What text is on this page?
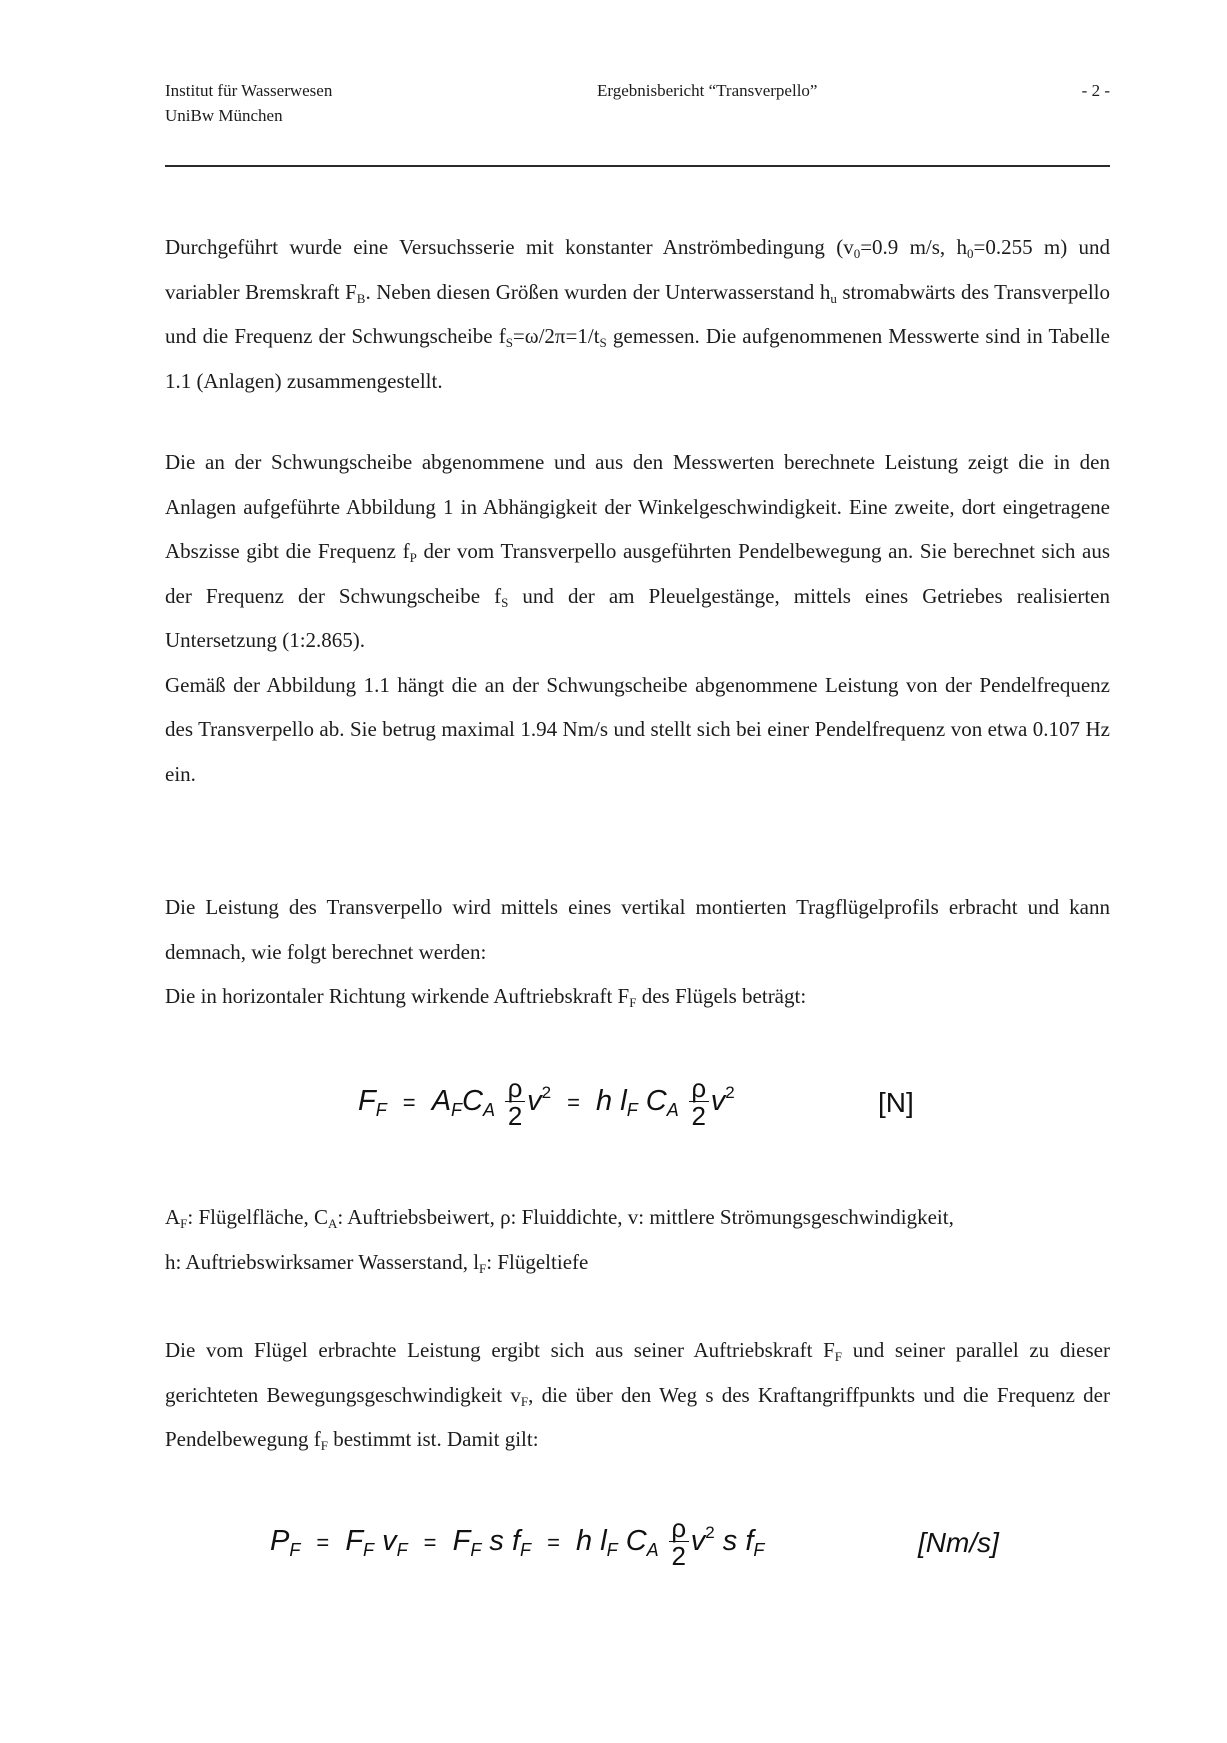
Institut für Wasserwesen
UniBw München
Ergebnisbericht “Transverpello”	- 2 -

Durchgeführt wurde eine Versuchsserie mit konstanter Anströmbedingung ($v_0=0.9$ m/s, $h_0=0.255$ m) und variabler Bremskraft $F_B$. Neben diesen Größen wurden der Unterwasserstand $h_u$ stromabwärts des Transverpello und die Frequenz der Schwungscheibe $f_S=\omega/2\pi=1/t_S$ gemessen. Die aufgenommenen Messwerte sind in Tabelle 1.1 (Anlagen) zusammengestellt.

Die an der Schwungscheibe abgenommene und aus den Messwerten berechnete Leistung zeigt die in den Anlagen aufgeführte Abbildung 1 in Abhängigkeit der Winkelgeschwindigkeit. Eine zweite, dort eingetragene Abszisse gibt die Frequenz $f_P$ der vom Transverpello ausgeführten Pendelbewegung an. Sie berechnet sich aus der Frequenz der Schwungscheibe $f_S$ und der am Pleuelgestänge, mittels eines Getriebes realisierten Untersetzung (1:2.865).
Gemäß der Abbildung 1.1 hängt die an der Schwungscheibe abgenommene Leistung von der Pendelfrequenz des Transverpello ab. Sie betrug maximal 1.94 Nm/s und stellt sich bei einer Pendelfrequenz von etwa 0.107 Hz ein.

Die Leistung des Transverpello wird mittels eines vertikal montierten Tragflügelprofils erbracht und kann demnach, wie folgt berechnet werden:
Die in horizontaler Richtung wirkende Auftriebskraft $F_F$ des Flügels beträgt:

$F_F = A_FC_A \frac{\rho}{2} v^2 = h$ $l_F$ $C_A \frac{\rho}{2} v^2$	[N]

$A_F$: Flügelfläche, $C_A$: Auftriebsbeiwert, ρ: Fluiddichte, v: mittlere Strömungsgeschwindigkeit,
h: Auftriebswirksamer Wasserstand, $l_F$: Flügeltiefe

Die vom Flügel erbrachte Leistung ergibt sich aus seiner Auftriebskraft $F_F$ und seiner parallel zu dieser gerichteten Bewegungsgeschwindigkeit $v_F$, die über den Weg s des Kraftangriffpunkts und die Frequenz der Pendelbewegung $f_F$ bestimmt ist. Damit gilt:

$P_F = F_F$ $v_F = F_F$ s $f_F = h$ $l_F$ $C_A \frac{\rho}{2} v^2$ s $f_F$	[Nm/s]
